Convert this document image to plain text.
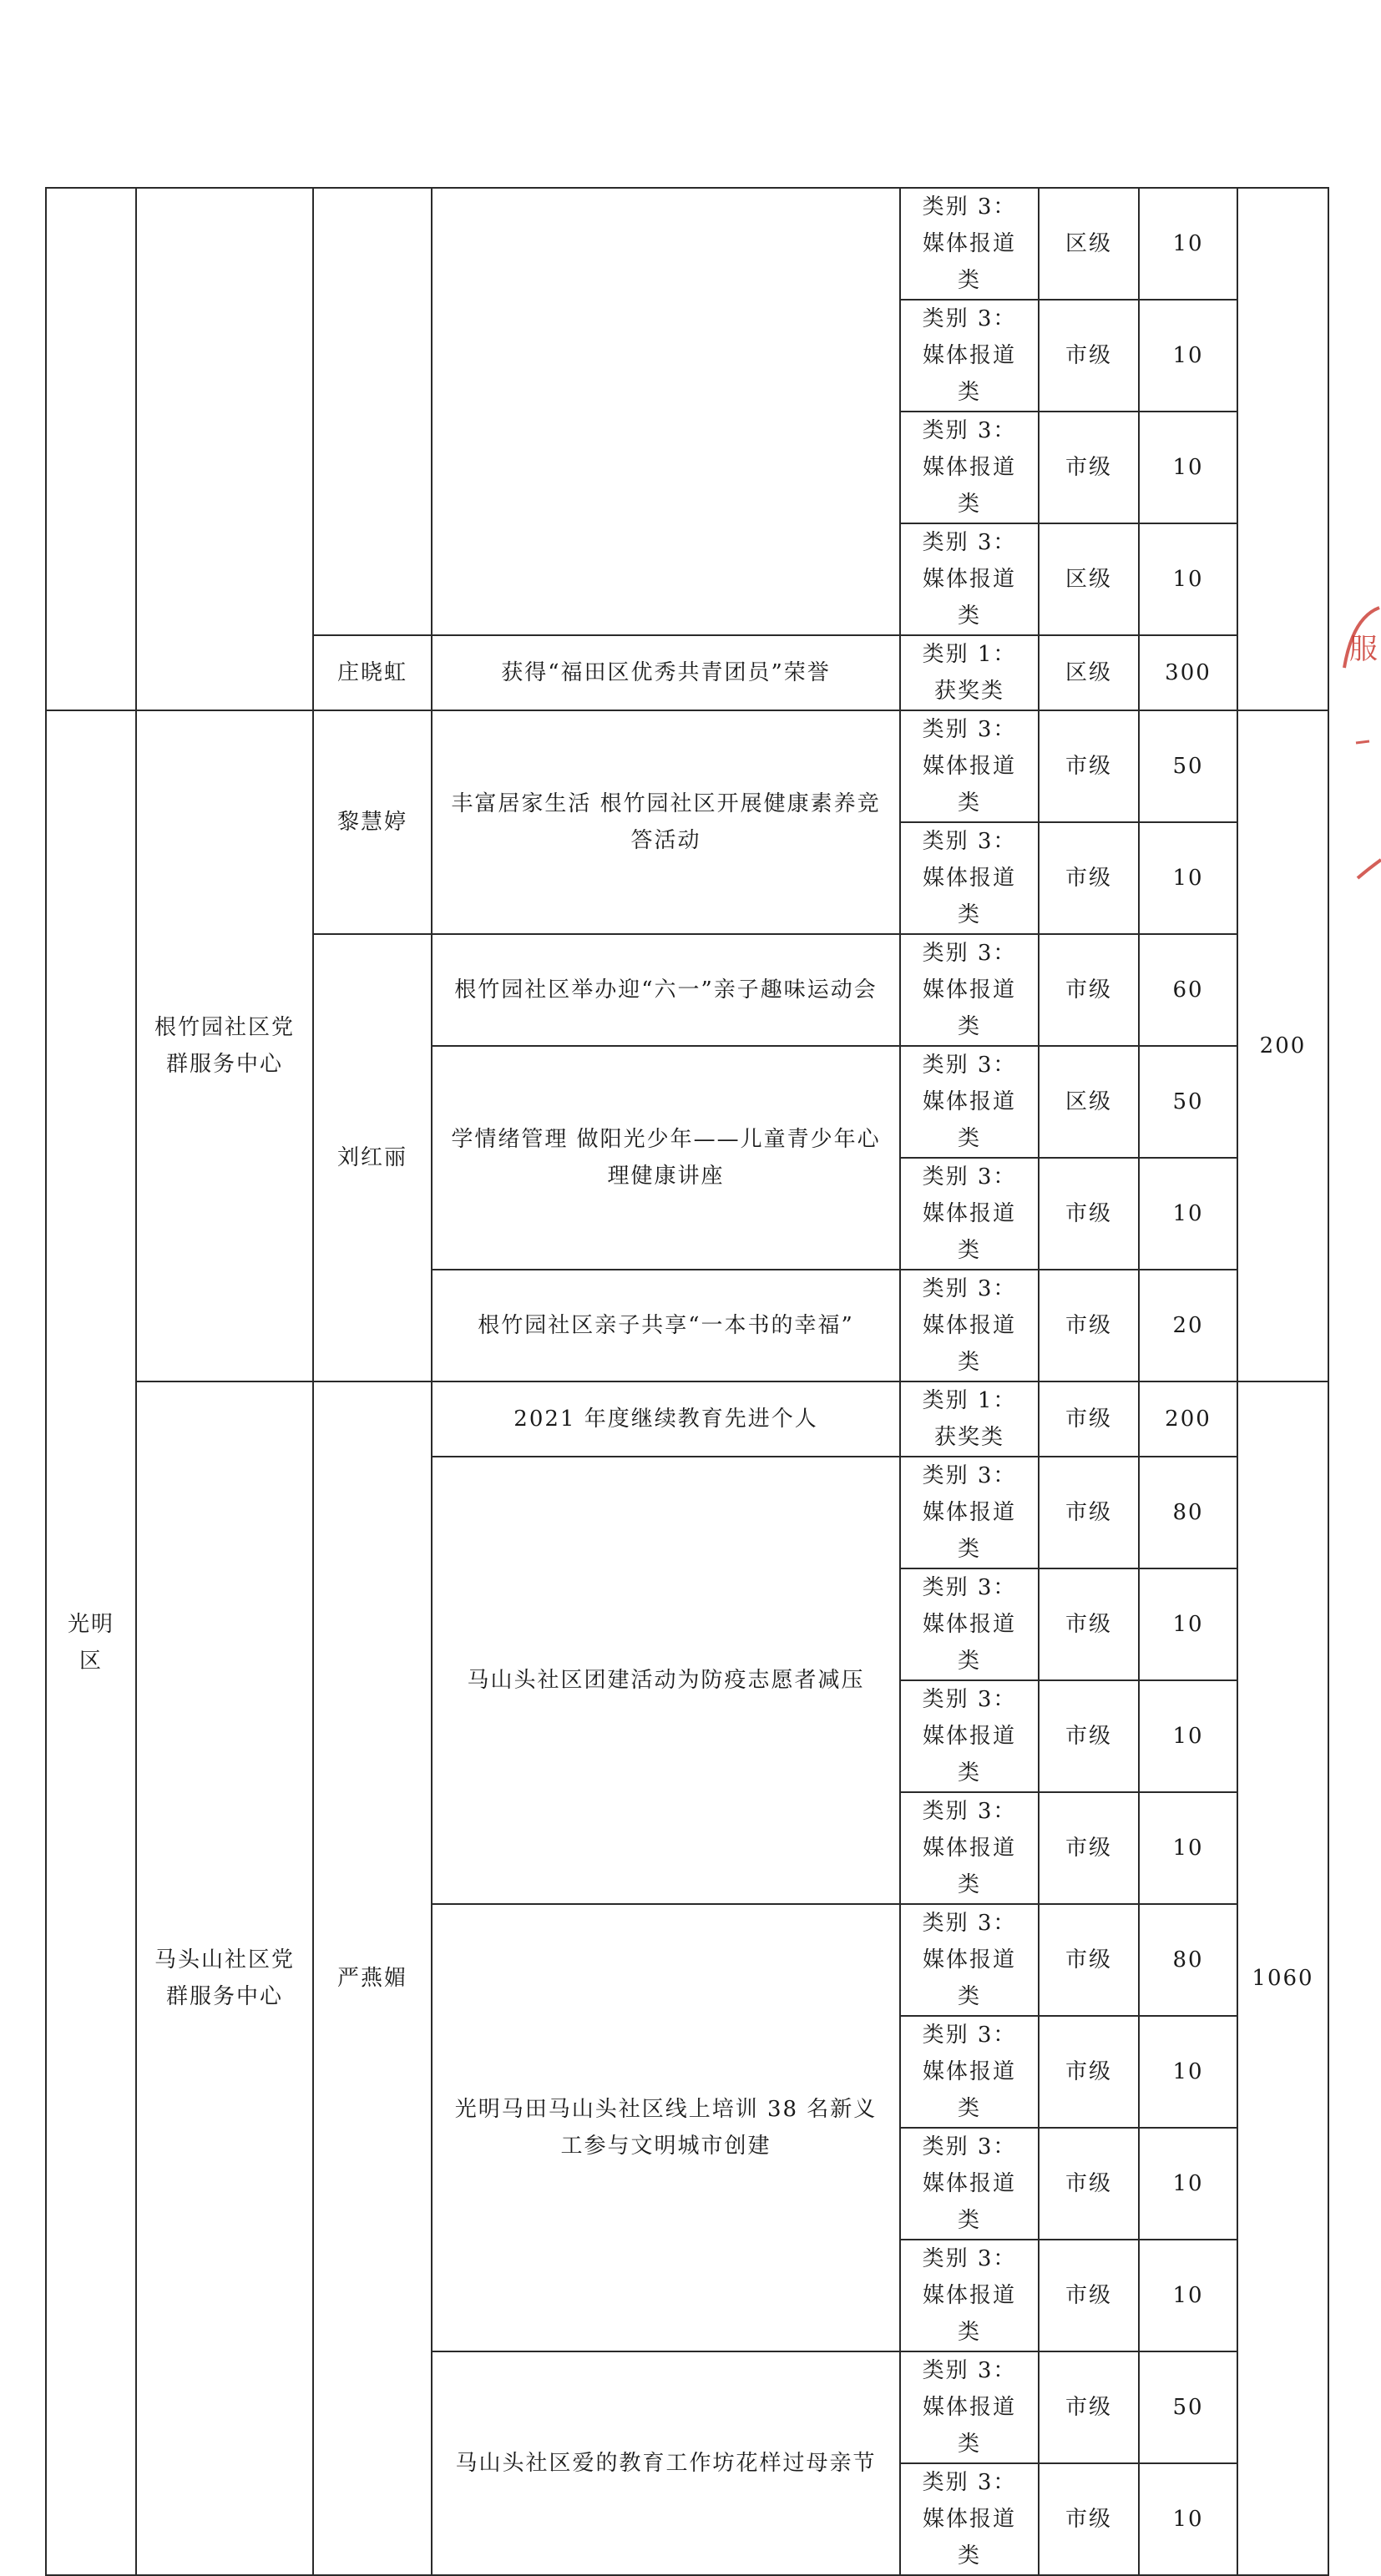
				类别 3：媒体报道类	区级	10	
				类别 3：媒体报道类	市级	10	
				类别 3：媒体报道类	市级	10	
				类别 3：媒体报道类	区级	10	
		庄晓虹	获得“福田区优秀共青团员”荣誉	类别 1：获奖类	区级	300	
光明区	根竹园社区党群服务中心	黎慧婷	丰富居家生活 根竹园社区开展健康素养竞答活动	类别 3：媒体报道类	市级	50	200
				类别 3：媒体报道类	市级	10	
		刘红丽	根竹园社区举办迎“六一”亲子趣味运动会	类别 3：媒体报道类	市级	60	
			学情绪管理 做阳光少年——儿童青少年心理健康讲座	类别 3：媒体报道类	区级	50	
				类别 3：媒体报道类	市级	10	
			根竹园社区亲子共享“一本书的幸福”	类别 3：媒体报道类	市级	20	
	马头山社区党群服务中心	严燕媚	2021 年度继续教育先进个人	类别 1：获奖类	市级	200	1060
			马山头社区团建活动为防疫志愿者减压	类别 3：媒体报道类	市级	80	
				类别 3：媒体报道类	市级	10	
				类别 3：媒体报道类	市级	10	
				类别 3：媒体报道类	市级	10	
			光明马田马山头社区线上培训 38 名新义工参与文明城市创建	类别 3：媒体报道类	市级	80	
				类别 3：媒体报道类	市级	10	
				类别 3：媒体报道类	市级	10	
				类别 3：媒体报道类	市级	10	
			马山头社区爱的教育工作坊花样过母亲节	类别 3：媒体报道类	市级	50	
				类别 3：媒体报道类	市级	10	
服
